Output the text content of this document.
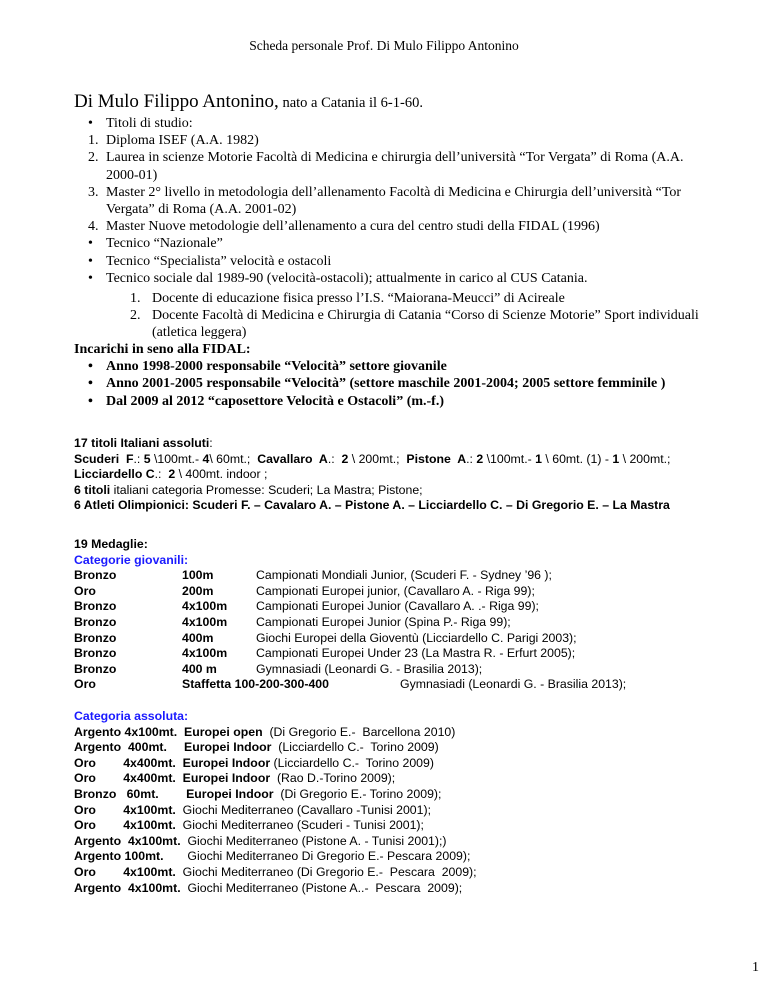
Scheda personale Prof. Di Mulo Filippo Antonino
Di Mulo Filippo Antonino, nato a Catania il 6-1-60.
• Titoli di studio:
1. Diploma ISEF (A.A. 1982)
2. Laurea in scienze Motorie Facoltà di Medicina e chirurgia dell’università “Tor Vergata” di Roma (A.A. 2000-01)
3. Master 2° livello in metodologia dell’allenamento Facoltà di Medicina e Chirurgia dell’università “Tor Vergata” di Roma (A.A. 2001-02)
4. Master Nuove metodologie dell’allenamento a cura del centro studi della FIDAL (1996)
• Tecnico “Nazionale”
• Tecnico “Specialista” velocità e ostacoli
• Tecnico sociale dal 1989-90 (velocità-ostacoli); attualmente in carico al CUS Catania.
1. Docente di educazione fisica presso l’I.S. “Maiorana-Meucci” di Acireale
2. Docente Facoltà di Medicina e Chirurgia di Catania “Corso di Scienze Motorie” Sport individuali (atletica leggera)
Incarichi in seno alla FIDAL:
• Anno 1998-2000 responsabile “Velocità” settore giovanile
• Anno 2001-2005 responsabile “Velocità” (settore maschile 2001-2004; 2005 settore femminile )
• Dal 2009 al 2012 “caposettore Velocità e Ostacoli” (m.-f.)
17 titoli Italiani assoluti:
Scuderi  F.: 5 \100mt.- 4\ 60mt.;  Cavallaro  A.:  2 \ 200mt.;  Pistone  A.: 2 \100mt.- 1 \ 60mt. (1) - 1 \ 200mt.;
Licciardello C.:  2 \ 400mt. indoor ;
6 titoli italiani categoria Promesse: Scuderi; La Mastra; Pistone;
6 Atleti Olimpionici: Scuderi F. – Cavalaro A. – Pistone A. – Licciardello C. – Di Gregorio E. – La Mastra
19 Medaglie:
Categorie giovanili:
Bronzo	100m	Campionati Mondiali Junior, (Scuderi F. - Sydney ’96 );
Oro	200m	Campionati Europei junior, (Cavallaro A. - Riga 99);
Bronzo	4x100m Campionati Europei Junior (Cavallaro A. .- Riga 99);
Bronzo	4x100m Campionati Europei Junior (Spina P.- Riga 99);
Bronzo	400m	Giochi Europei della Gioventù (Licciardello C. Parigi 2003);
Bronzo	4x100m Campionati Europei Under 23 (La Mastra R. - Erfurt 2005);
Bronzo	400 m	Gymnasiadi (Leonardi G. - Brasilia 2013);
Oro	Staffetta 100-200-300-400	Gymnasiadi (Leonardi G. - Brasilia 2013);
Categoria assoluta:
Argento 4x100mt.  Europei open  (Di Gregorio E.-  Barcellona 2010)
Argento  400mt.     Europei Indoor  (Licciardello C.-  Torino 2009)
Oro        4x400mt.  Europei Indoor (Licciardello C.-  Torino 2009)
Oro        4x400mt.  Europei Indoor  (Rao D.-Torino 2009);
Bronzo   60mt.        Europei Indoor  (Di Gregorio E.- Torino 2009);
Oro        4x100mt.  Giochi Mediterraneo (Cavallaro -Tunisi 2001);
Oro        4x100mt.  Giochi Mediterraneo (Scuderi - Tunisi 2001);
Argento  4x100mt.  Giochi Mediterraneo (Pistone A. - Tunisi 2001);)
Argento 100mt.       Giochi Mediterraneo Di Gregorio E.- Pescara 2009);
Oro        4x100mt.  Giochi Mediterraneo (Di Gregorio E.-  Pescara  2009);
Argento  4x100mt.  Giochi Mediterraneo (Pistone A..-  Pescara  2009);
1
